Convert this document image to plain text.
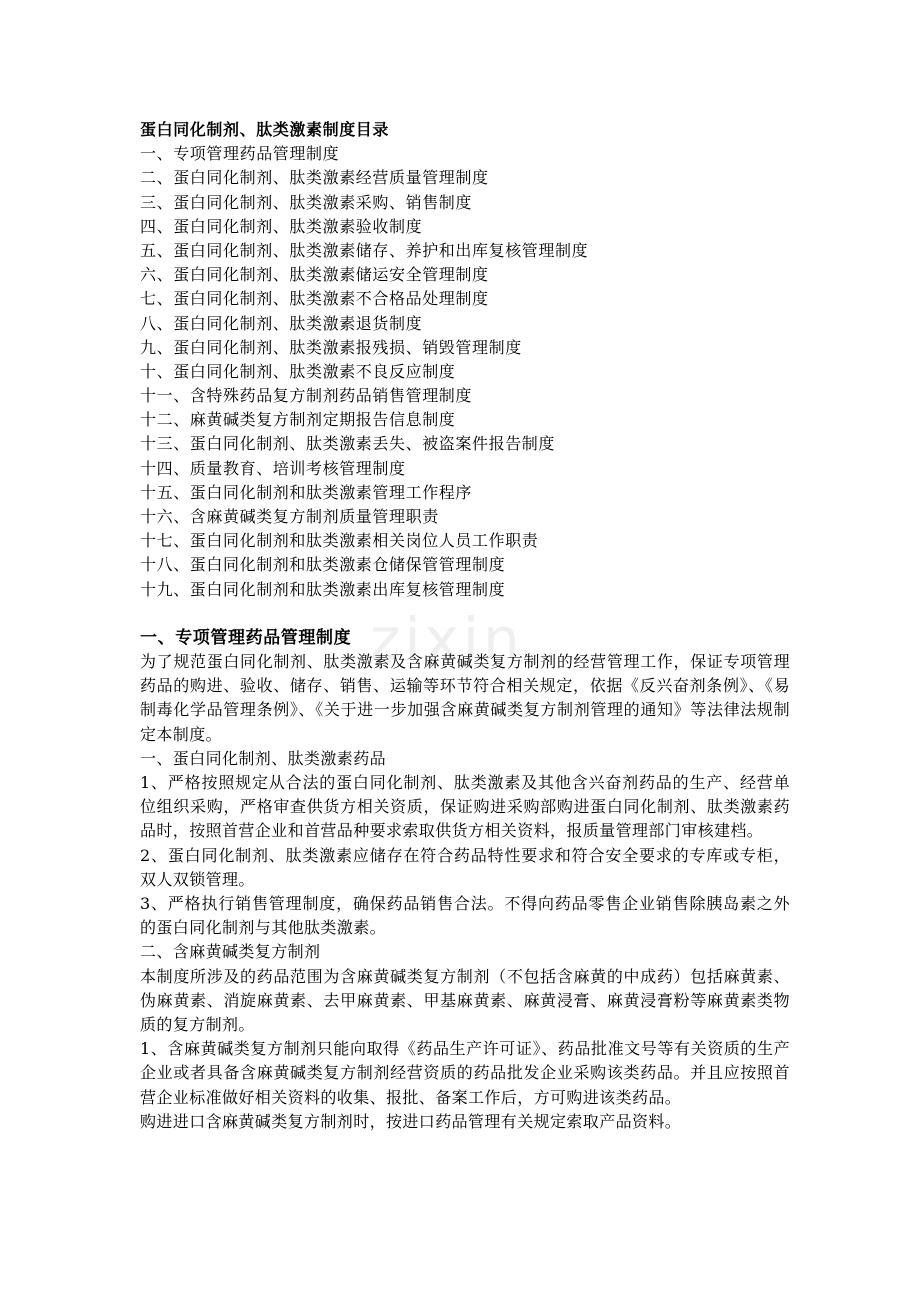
zixin
蛋白同化制剂、肽类激素制度目录
一、专项管理药品管理制度
二、蛋白同化制剂、肽类激素经营质量管理制度
三、蛋白同化制剂、肽类激素采购、销售制度
四、蛋白同化制剂、肽类激素验收制度
五、蛋白同化制剂、肽类激素储存、养护和出库复核管理制度
六、蛋白同化制剂、肽类激素储运安全管理制度
七、蛋白同化制剂、肽类激素不合格品处理制度
八、蛋白同化制剂、肽类激素退货制度
九、蛋白同化制剂、肽类激素报残损、销毁管理制度
十、蛋白同化制剂、肽类激素不良反应制度
十一、含特殊药品复方制剂药品销售管理制度
十二、麻黄碱类复方制剂定期报告信息制度
十三、蛋白同化制剂、肽类激素丢失、被盗案件报告制度
十四、质量教育、培训考核管理制度
十五、蛋白同化制剂和肽类激素管理工作程序
十六、含麻黄碱类复方制剂质量管理职责
十七、蛋白同化制剂和肽类激素相关岗位人员工作职责
十八、蛋白同化制剂和肽类激素仓储保管管理制度
十九、蛋白同化制剂和肽类激素出库复核管理制度
一、专项管理药品管理制度
为了规范蛋白同化制剂、肽类激素及含麻黄碱类复方制剂的经营管理工作，保证专项管理药品的购进、验收、储存、销售、运输等环节符合相关规定，依据《反兴奋剂条例》、《易制毒化学品管理条例》、《关于进一步加强含麻黄碱类复方制剂管理的通知》等法律法规制定本制度。
一、蛋白同化制剂、肽类激素药品
1、严格按照规定从合法的蛋白同化制剂、肽类激素及其他含兴奋剂药品的生产、经营单位组织采购，严格审查供货方相关资质，保证购进采购部购进蛋白同化制剂、肽类激素药品时，按照首营企业和首营品种要求索取供货方相关资料，报质量管理部门审核建档。
2、蛋白同化制剂、肽类激素应储存在符合药品特性要求和符合安全要求的专库或专柜，双人双锁管理。
3、严格执行销售管理制度，确保药品销售合法。不得向药品零售企业销售除胰岛素之外的蛋白同化制剂与其他肽类激素。
二、含麻黄碱类复方制剂
本制度所涉及的药品范围为含麻黄碱类复方制剂（不包括含麻黄的中成药）包括麻黄素、伪麻黄素、消旋麻黄素、去甲麻黄素、甲基麻黄素、麻黄浸膏、麻黄浸膏粉等麻黄素类物质的复方制剂。
1、含麻黄碱类复方制剂只能向取得《药品生产许可证》、药品批准文号等有关资质的生产企业或者具备含麻黄碱类复方制剂经营资质的药品批发企业采购该类药品。并且应按照首营企业标准做好相关资料的收集、报批、备案工作后，方可购进该类药品。
购进进口含麻黄碱类复方制剂时，按进口药品管理有关规定索取产品资料。
